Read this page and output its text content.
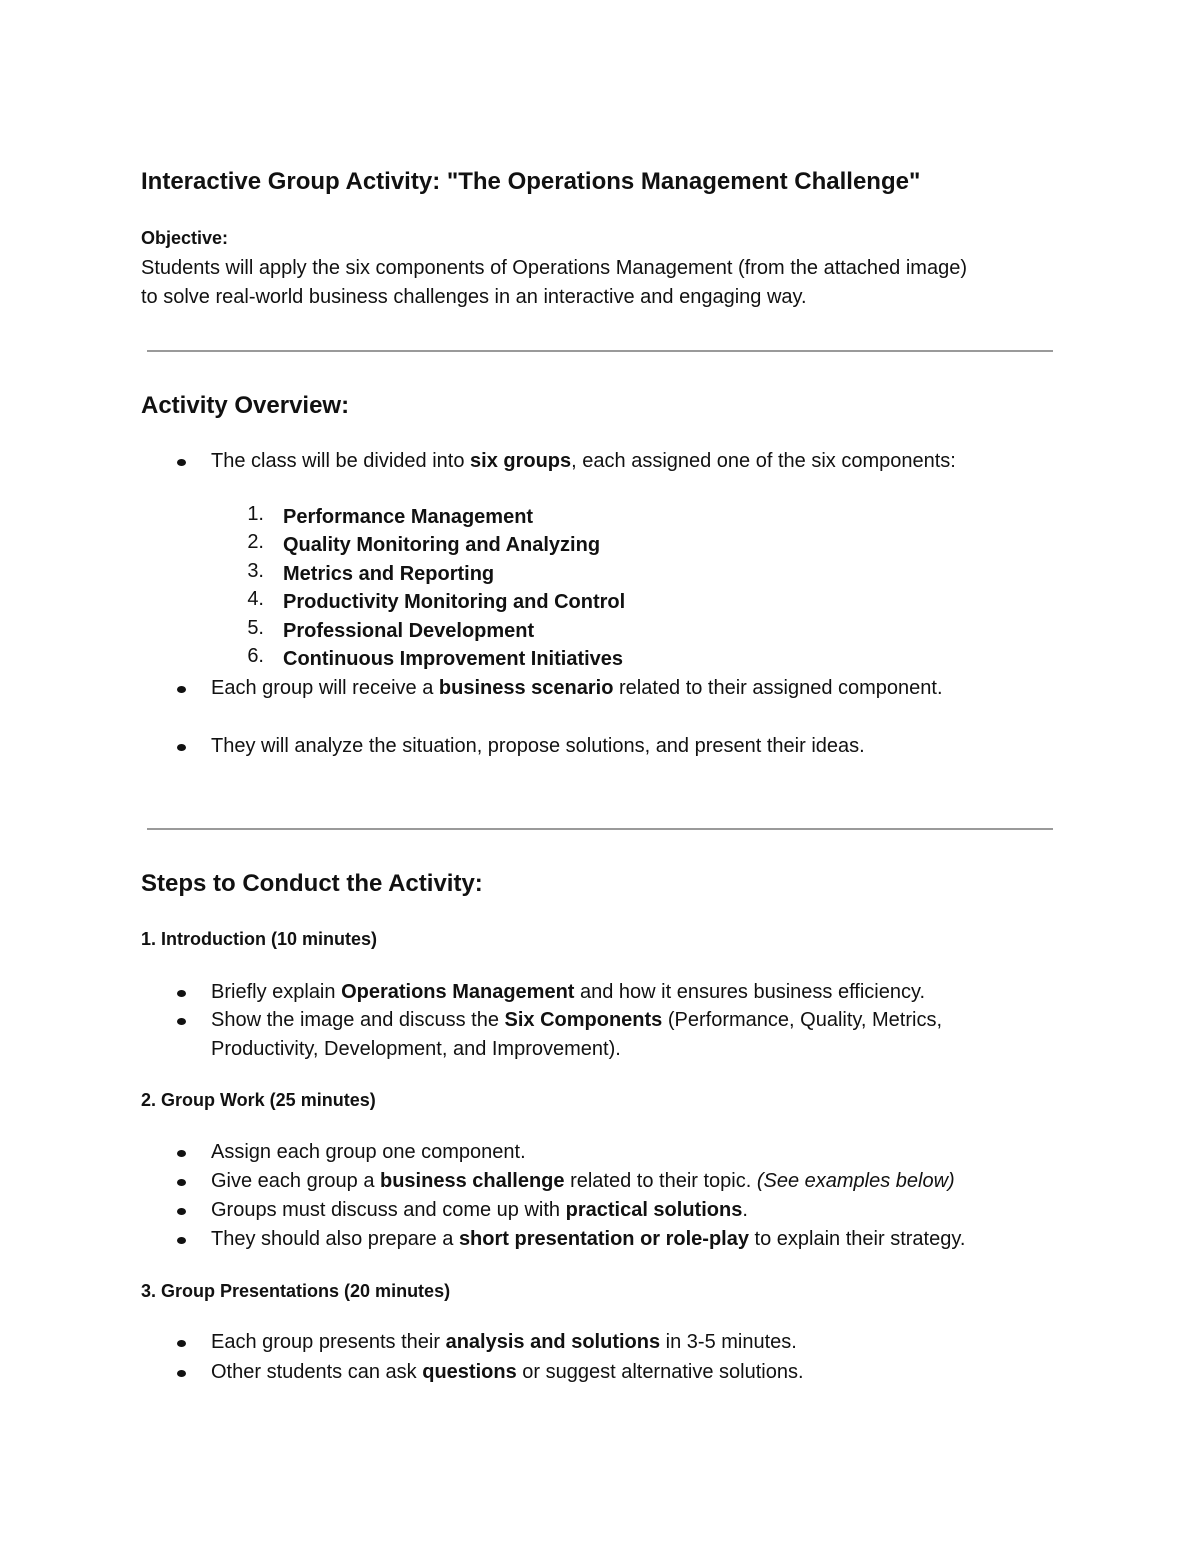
Interactive Group Activity: "The Operations Management Challenge"
Objective:
Students will apply the six components of Operations Management (from the attached image)
to solve real-world business challenges in an interactive and engaging way.
Activity Overview:
The class will be divided into six groups, each assigned one of the six components:
1. Performance Management
2. Quality Monitoring and Analyzing
3. Metrics and Reporting
4. Productivity Monitoring and Control
5. Professional Development
6. Continuous Improvement Initiatives
Each group will receive a business scenario related to their assigned component.
They will analyze the situation, propose solutions, and present their ideas.
Steps to Conduct the Activity:
1. Introduction (10 minutes)
Briefly explain Operations Management and how it ensures business efficiency.
Show the image and discuss the Six Components (Performance, Quality, Metrics,
Productivity, Development, and Improvement).
2. Group Work (25 minutes)
Assign each group one component.
Give each group a business challenge related to their topic. (See examples below)
Groups must discuss and come up with practical solutions.
They should also prepare a short presentation or role-play to explain their strategy.
3. Group Presentations (20 minutes)
Each group presents their analysis and solutions in 3-5 minutes.
Other students can ask questions or suggest alternative solutions.
